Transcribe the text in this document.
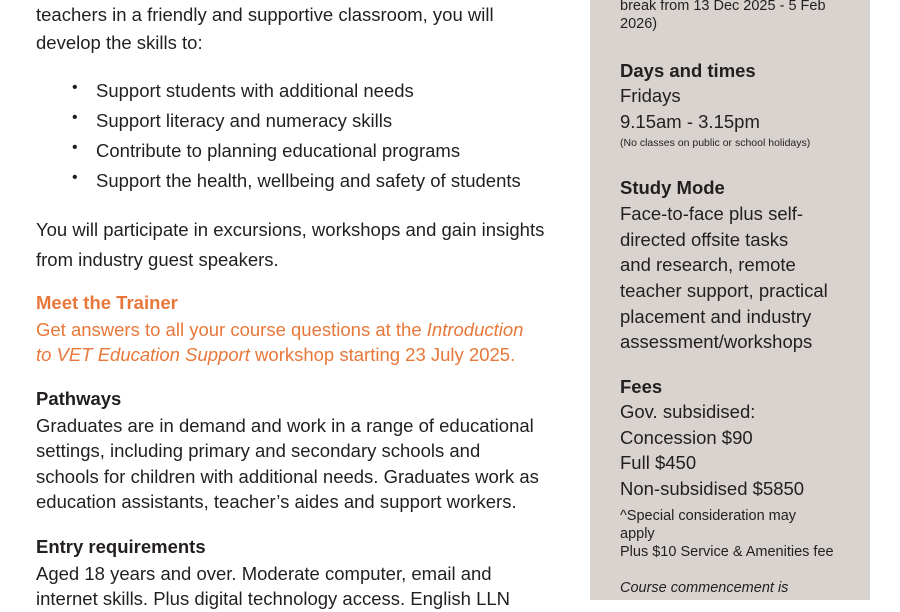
teachers in a friendly and supportive classroom, you will

develop the skills to:

• Support students with additional needs
• Support literacy and numeracy skills
• Contribute to planning educational programs
• Support the health, wellbeing and safety of students

You will participate in excursions, workshops and gain insights

from industry guest speakers.

Meet the Trainer

Get answers to all your course questions at the Introduction

to VET Education Support workshop starting 23 July 2025.

Pathways

Graduates are in demand and work in a range of educational

settings, including primary and secondary schools and

schools for children with additional needs. Graduates work as

education assistants, teacher’s aides and support workers.

Entry requirements

Aged 18 years and over. Moderate computer, email and

internet skills. Plus digital technology access. English LLN

break from 13 Dec 2025 - 5 Feb

2026)

Days and times

Fridays

9.15am - 3.15pm

(No classes on public or school holidays)

Study Mode

Face-to-face plus self-

directed offsite tasks

and research, remote

teacher support, practical

placement and industry

assessment/workshops

Fees

Gov. subsidised:

Concession $90

Full $450

Non-subsidised $5850

^Special consideration may

apply

Plus $10 Service & Amenities fee

Course commencement is
